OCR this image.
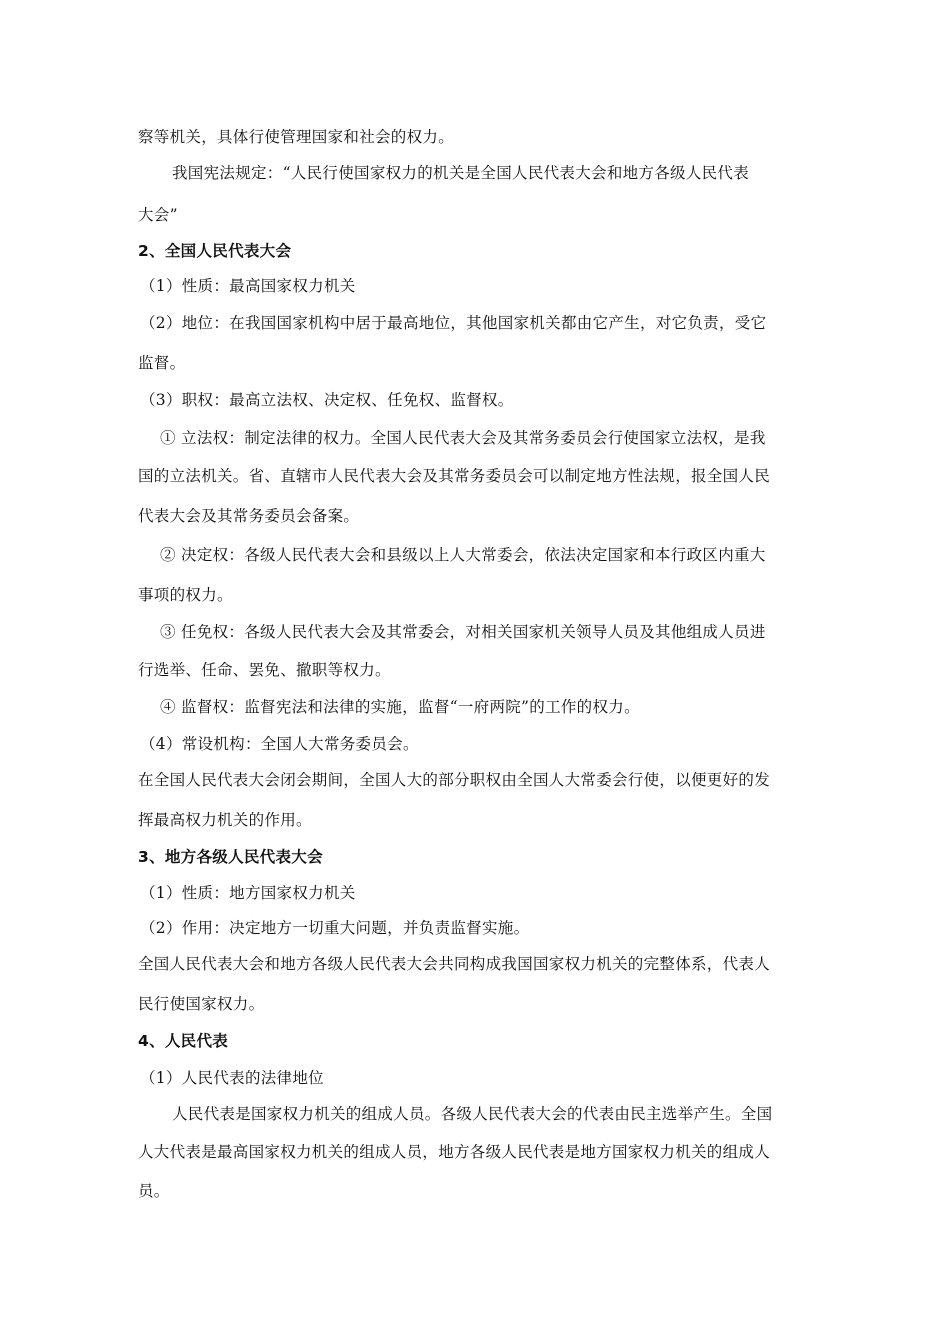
察等机关，具体行使管理国家和社会的权力。
我国宪法规定：“人民行使国家权力的机关是全国人民代表大会和地方各级人民代表
大会”
2、全国人民代表大会
（1）性质：最高国家权力机关
（2）地位：在我国国家机构中居于最高地位，其他国家机关都由它产生，对它负责，受它
监督。
（3）职权：最高立法权、决定权、任免权、监督权。
① 立法权：制定法律的权力。全国人民代表大会及其常务委员会行使国家立法权，是我
国的立法机关。省、直辖市人民代表大会及其常务委员会可以制定地方性法规，报全国人民
代表大会及其常务委员会备案。
② 决定权：各级人民代表大会和县级以上人大常委会，依法决定国家和本行政区内重大
事项的权力。
③ 任免权：各级人民代表大会及其常委会，对相关国家机关领导人员及其他组成人员进
行选举、任命、罢免、撤职等权力。
④ 监督权：监督宪法和法律的实施，监督“一府两院”的工作的权力。
（4）常设机构：全国人大常务委员会。
在全国人民代表大会闭会期间，全国人大的部分职权由全国人大常委会行使，以便更好的发
挥最高权力机关的作用。
3、地方各级人民代表大会
（1）性质：地方国家权力机关
（2）作用：决定地方一切重大问题，并负责监督实施。
全国人民代表大会和地方各级人民代表大会共同构成我国国家权力机关的完整体系，代表人
民行使国家权力。
4、人民代表
（1）人民代表的法律地位
人民代表是国家权力机关的组成人员。各级人民代表大会的代表由民主选举产生。全国
人大代表是最高国家权力机关的组成人员，地方各级人民代表是地方国家权力机关的组成人
员。
